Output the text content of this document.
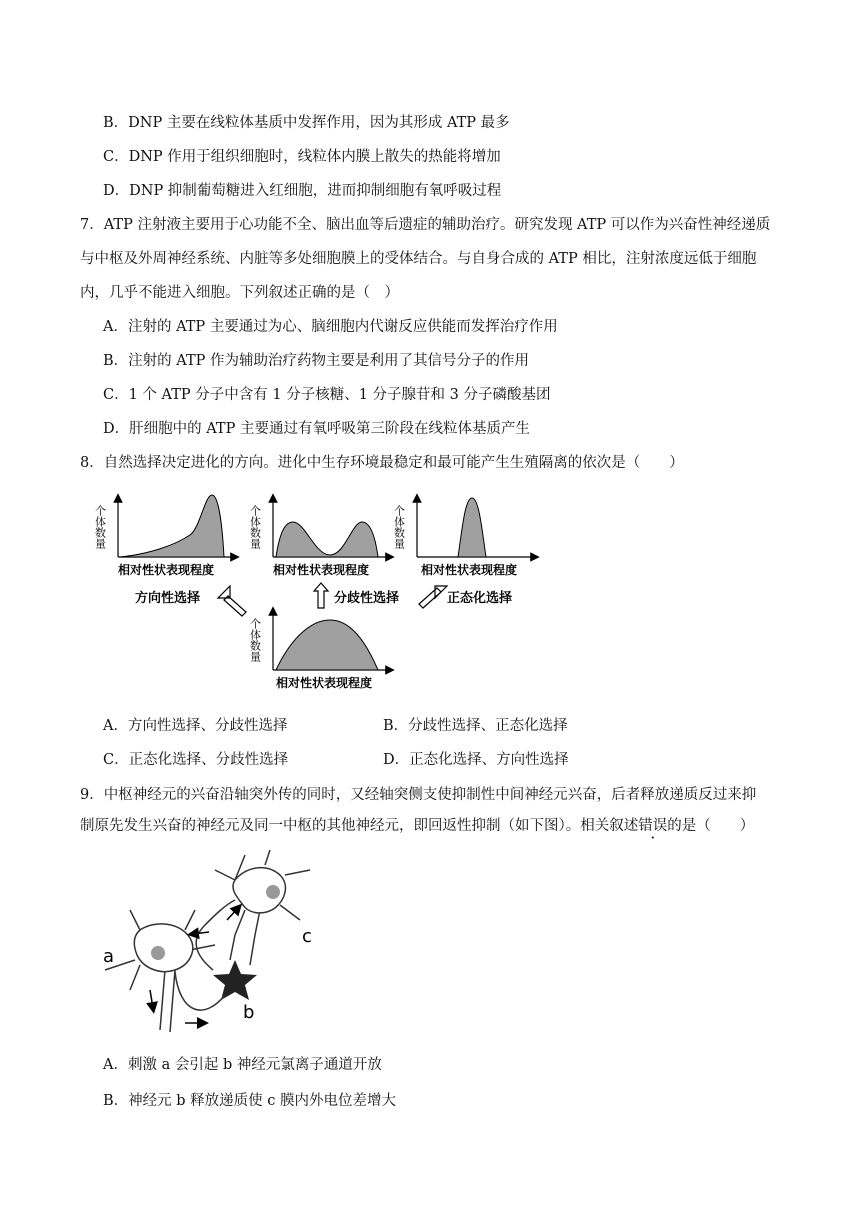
B．DNP 主要在线粒体基质中发挥作用，因为其形成 ATP 最多
C．DNP 作用于组织细胞时，线粒体内膜上散失的热能将增加
D．DNP 抑制葡萄糖进入红细胞，进而抑制细胞有氧呼吸过程
7．ATP 注射液主要用于心功能不全、脑出血等后遗症的辅助治疗。研究发现 ATP 可以作为兴奋性神经递质
与中枢及外周神经系统、内脏等多处细胞膜上的受体结合。与自身合成的 ATP 相比，注射浓度远低于细胞
内，几乎不能进入细胞。下列叙述正确的是（　）
A．注射的 ATP 主要通过为心、脑细胞内代谢反应供能而发挥治疗作用
B．注射的 ATP 作为辅助治疗药物主要是利用了其信号分子的作用
C．1 个 ATP 分子中含有 1 分子核糖、1 分子腺苷和 3 分子磷酸基团
D．肝细胞中的 ATP 主要通过有氧呼吸第三阶段在线粒体基质产生
8．自然选择决定进化的方向。进化中生存环境最稳定和最可能产生生殖隔离的依次是（　　）
个体数量
相对性状表现程度
个体数量
相对性状表现程度
个体数量
相对性状表现程度
方向性选择	分歧性选择	正态化选择
个体数量
相对性状表现程度
A．方向性选择、分歧性选择	B．分歧性选择、正态化选择
C．正态化选择、分歧性选择	D．正态化选择、方向性选择
9．中枢神经元的兴奋沿轴突外传的同时，又经轴突侧支使抑制性中间神经元兴奋，后者释放递质反过来抑
制原先发生兴奋的神经元及同一中枢的其他神经元，即回返性抑制（如下图）。相关叙述错误的是（　　）
c
a
b
A．刺激 a 会引起 b 神经元氯离子通道开放
B．神经元 b 释放递质使 c 膜内外电位差增大
